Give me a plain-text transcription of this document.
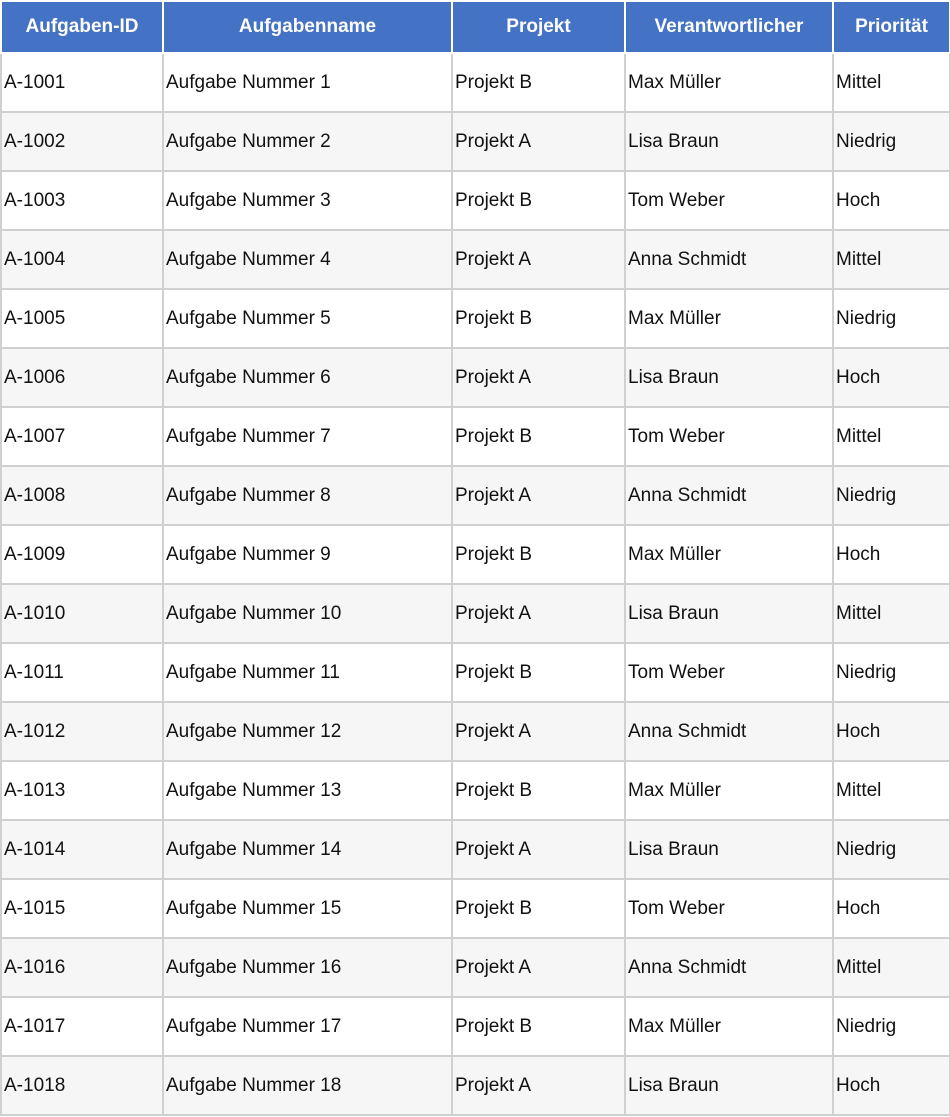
Aufgaben-ID	Aufgabenname	Projekt	Verantwortlicher	Priorität
A-1001	Aufgabe Nummer 1	Projekt B	Max Müller	Mittel
A-1002	Aufgabe Nummer 2	Projekt A	Lisa Braun	Niedrig
A-1003	Aufgabe Nummer 3	Projekt B	Tom Weber	Hoch
A-1004	Aufgabe Nummer 4	Projekt A	Anna Schmidt	Mittel
A-1005	Aufgabe Nummer 5	Projekt B	Max Müller	Niedrig
A-1006	Aufgabe Nummer 6	Projekt A	Lisa Braun	Hoch
A-1007	Aufgabe Nummer 7	Projekt B	Tom Weber	Mittel
A-1008	Aufgabe Nummer 8	Projekt A	Anna Schmidt	Niedrig
A-1009	Aufgabe Nummer 9	Projekt B	Max Müller	Hoch
A-1010	Aufgabe Nummer 10	Projekt A	Lisa Braun	Mittel
A-1011	Aufgabe Nummer 11	Projekt B	Tom Weber	Niedrig
A-1012	Aufgabe Nummer 12	Projekt A	Anna Schmidt	Hoch
A-1013	Aufgabe Nummer 13	Projekt B	Max Müller	Mittel
A-1014	Aufgabe Nummer 14	Projekt A	Lisa Braun	Niedrig
A-1015	Aufgabe Nummer 15	Projekt B	Tom Weber	Hoch
A-1016	Aufgabe Nummer 16	Projekt A	Anna Schmidt	Mittel
A-1017	Aufgabe Nummer 17	Projekt B	Max Müller	Niedrig
A-1018	Aufgabe Nummer 18	Projekt A	Lisa Braun	Hoch
